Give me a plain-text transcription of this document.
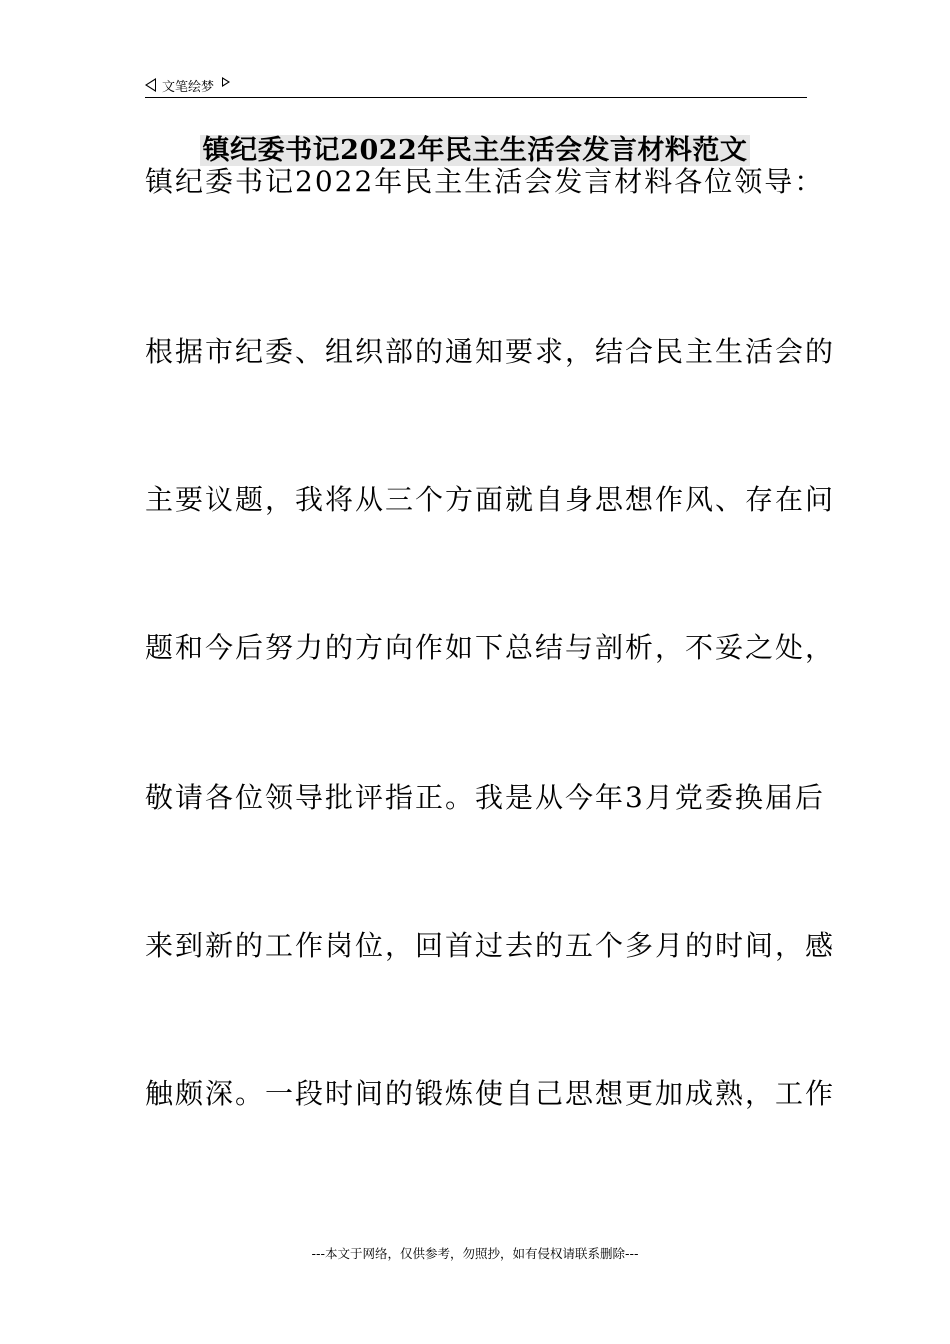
文笔绘梦
镇纪委书记2022年民主生活会发言材料范文
镇纪委书记2022年民主生活会发言材料各位领导：
根据市纪委、组织部的通知要求，结合民主生活会的
主要议题，我将从三个方面就自身思想作风、存在问
题和今后努力的方向作如下总结与剖析，不妥之处，
敬请各位领导批评指正。我是从今年3月党委换届后
来到新的工作岗位，回首过去的五个多月的时间，感
触颇深。一段时间的锻炼使自己思想更加成熟，工作
---本文于网络，仅供参考，勿照抄，如有侵权请联系删除---
